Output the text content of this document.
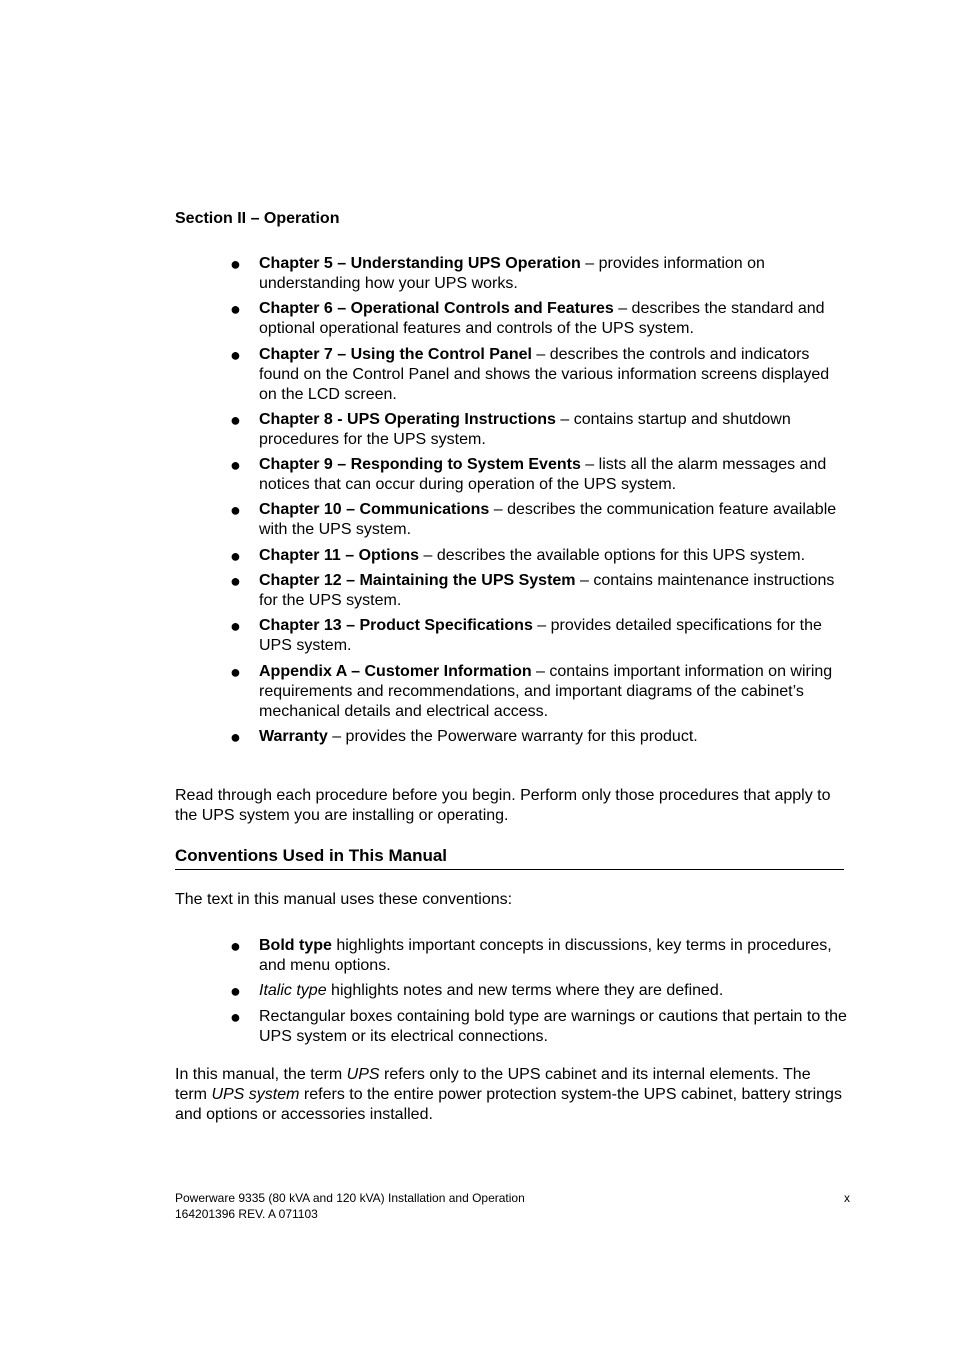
Section II – Operation
● Chapter 5 – Understanding UPS Operation – provides information on understanding how your UPS works.
● Chapter 6 – Operational Controls and Features – describes the standard and optional operational features and controls of the UPS system.
● Chapter 7 – Using the Control Panel – describes the controls and indicators found on the Control Panel and shows the various information screens displayed on the LCD screen.
● Chapter 8 - UPS Operating Instructions – contains startup and shutdown procedures for the UPS system.
● Chapter 9 – Responding to System Events – lists all the alarm messages and notices that can occur during operation of the UPS system.
● Chapter 10 – Communications – describes the communication feature available with the UPS system.
● Chapter 11 – Options – describes the available options for this UPS system.
● Chapter 12 – Maintaining the UPS System – contains maintenance instructions for the UPS system.
● Chapter 13 – Product Specifications – provides detailed specifications for the UPS system.
● Appendix A – Customer Information – contains important information on wiring requirements and recommendations, and important diagrams of the cabinet’s mechanical details and electrical access.
● Warranty – provides the Powerware warranty for this product.

Read through each procedure before you begin. Perform only those procedures that apply to the UPS system you are installing or operating.

Conventions Used in This Manual

The text in this manual uses these conventions:

● Bold type highlights important concepts in discussions, key terms in procedures, and menu options.
● Italic type highlights notes and new terms where they are defined.
● Rectangular boxes containing bold type are warnings or cautions that pertain to the UPS system or its electrical connections.

In this manual, the term UPS refers only to the UPS cabinet and its internal elements. The term UPS system refers to the entire power protection system-the UPS cabinet, battery strings and options or accessories installed.

Powerware 9335 (80 kVA and 120 kVA) Installation and Operation
164201396 REV. A 071103
x
